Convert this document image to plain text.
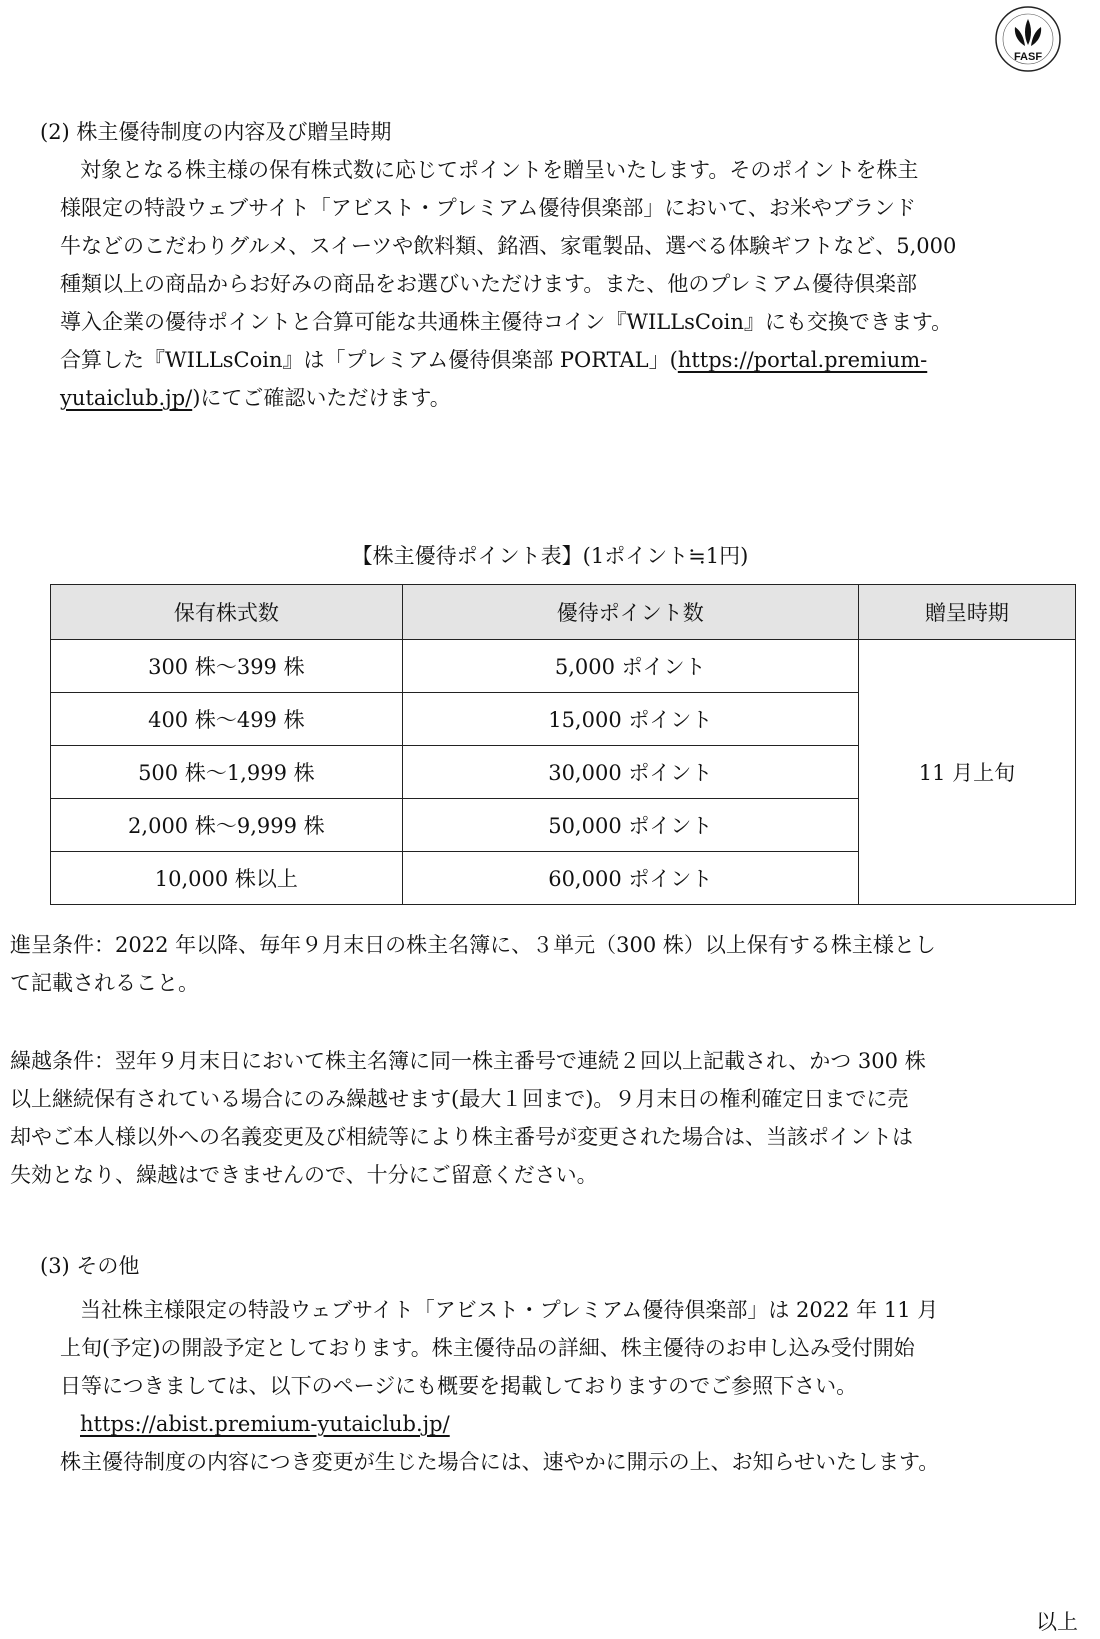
FASF
(2) 株主優待制度の内容及び贈呈時期
対象となる株主様の保有株式数に応じてポイントを贈呈いたします。そのポイントを株主
様限定の特設ウェブサイト「アビスト・プレミアム優待倶楽部」において、お米やブランド
牛などのこだわりグルメ、スイーツや飲料類、銘酒、家電製品、選べる体験ギフトなど、5,000
種類以上の商品からお好みの商品をお選びいただけます。また、他のプレミアム優待倶楽部
導入企業の優待ポイントと合算可能な共通株主優待コイン『WILLsCoin』にも交換できます。
合算した『WILLsCoin』は「プレミアム優待倶楽部 PORTAL」(https://portal.premium-
yutaiclub.jp/)にてご確認いただけます。
【株主優待ポイント表】(1ポイント≒1円)
保有株式数	優待ポイント数	贈呈時期
300 株～399 株	5,000 ポイント	11 月上旬
400 株～499 株	15,000 ポイント	
500 株～1,999 株	30,000 ポイント	
2,000 株～9,999 株	50,000 ポイント	
10,000 株以上	60,000 ポイント	
進呈条件：2022 年以降、毎年９月末日の株主名簿に、３単元（300 株）以上保有する株主様とし
て記載されること。
繰越条件：翌年９月末日において株主名簿に同一株主番号で連続２回以上記載され、かつ 300 株
以上継続保有されている場合にのみ繰越せます(最大１回まで)。９月末日の権利確定日までに売
却やご本人様以外への名義変更及び相続等により株主番号が変更された場合は、当該ポイントは
失効となり、繰越はできませんので、十分にご留意ください。
(3) その他
当社株主様限定の特設ウェブサイト「アビスト・プレミアム優待倶楽部」は 2022 年 11 月
上旬(予定)の開設予定としております。株主優待品の詳細、株主優待のお申し込み受付開始
日等につきましては、以下のページにも概要を掲載しておりますのでご参照下さい。
https://abist.premium-yutaiclub.jp/
株主優待制度の内容につき変更が生じた場合には、速やかに開示の上、お知らせいたします。
以上
